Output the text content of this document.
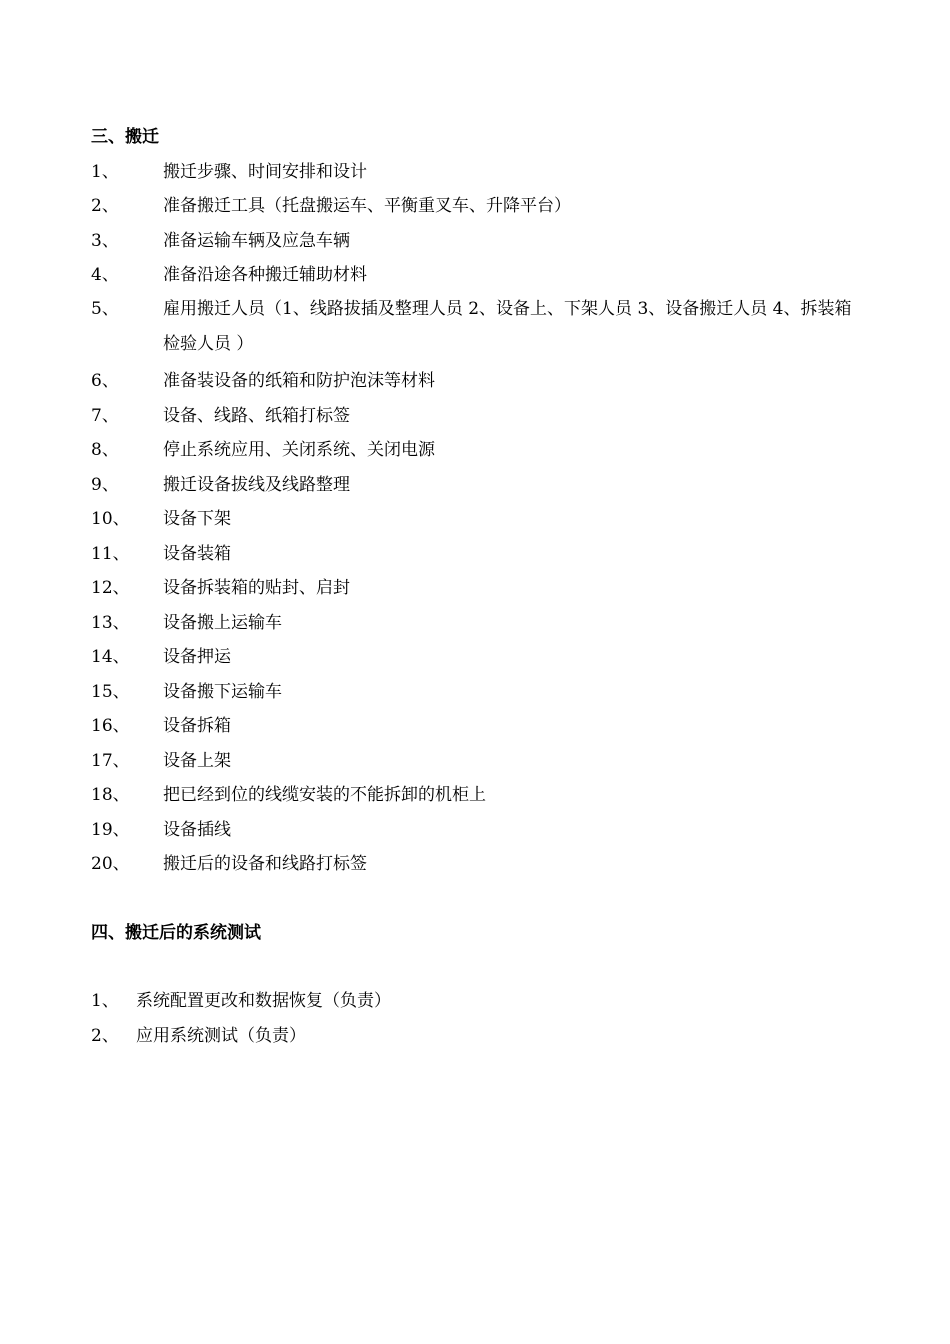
三、搬迁
1、	搬迁步骤、时间安排和设计
2、	准备搬迁工具（托盘搬运车、平衡重叉车、升降平台）
3、	准备运输车辆及应急车辆
4、	准备沿途各种搬迁辅助材料
5、	雇用搬迁人员（1、线路拔插及整理人员 2、设备上、下架人员 3、设备搬迁人员 4、拆装箱检验人员 ）
6、	准备装设备的纸箱和防护泡沫等材料
7、	设备、线路、纸箱打标签
8、	停止系统应用、关闭系统、关闭电源
9、	搬迁设备拔线及线路整理
10、 设备下架
11、 设备装箱
12、 设备拆装箱的贴封、启封
13、 设备搬上运输车
14、 设备押运
15、 设备搬下运输车
16、 设备拆箱
17、 设备上架
18、 把已经到位的线缆安装的不能拆卸的机柜上
19、 设备插线
20、 搬迁后的设备和线路打标签
四、搬迁后的系统测试
1、 系统配置更改和数据恢复（负责）
2、 应用系统测试（负责）
